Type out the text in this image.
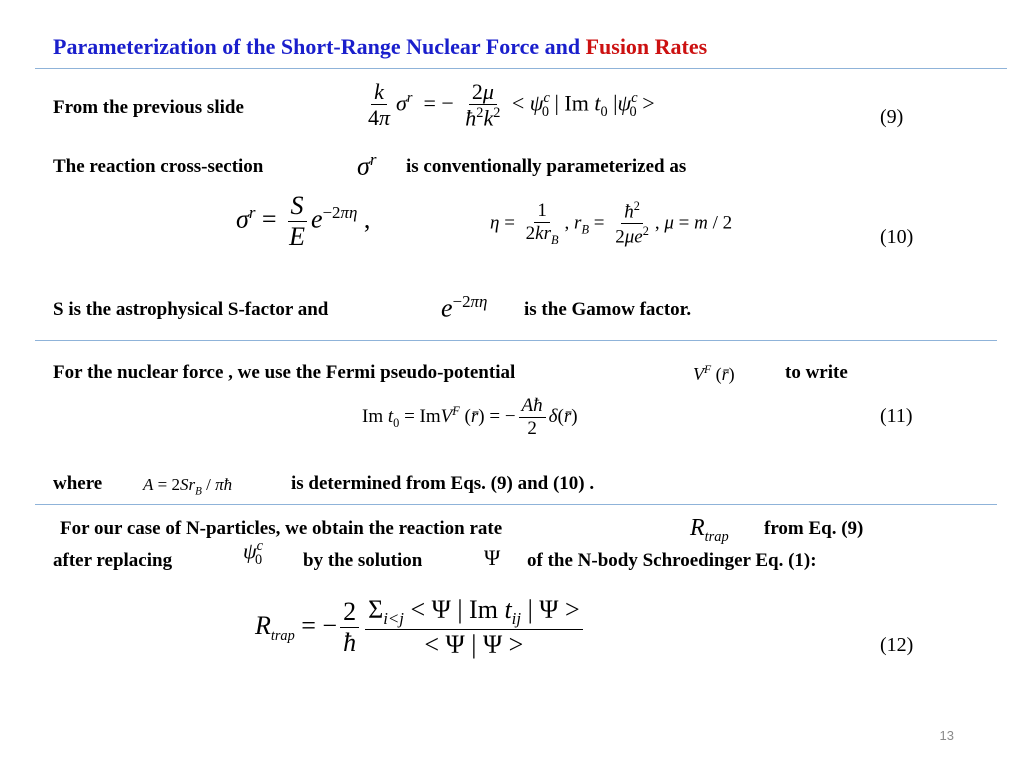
Parameterization of the Short-Range Nuclear Force and Fusion Rates
From the previous slide	$\frac{k}{4\pi} \sigma^r$  = − $\frac{2\mu}{ħ^2k^2} < \psi^c_0$ | Im $t_0$ $|\psi^c_0$ >
(9)
The reaction cross-section	$\sigma^r$ is conventionally parameterized as
$\sigma^r = \frac{S}{E} e^{-2\pi\eta}$ ,	$\eta = \frac{1}{2kr_B}$ , $r_B = \frac{ħ^2}{2\mu e^2}$ , μ = m / 2
(10)
S is the astrophysical S-factor and	$e^{-2\pi\eta}$ is the Gamow factor.
For the nuclear force , we use the Fermi pseudo-potential	$V^F$ (r̄)	to write
Im $t_0 = ImV^F$ (r̄) = − $\frac{Aħ}{2}$ δ(r̄)	(11)
where $A = 2Sr_B$ / πħ	is determined from Eqs. (9) and (10) .
For our case of N-particles, we obtain the reaction rate	$R_{trap}$ from Eq. (9)
after replacing	$\psi^c_0$ by the solution	Ψ of the N-body Schroedinger Eq. (1):
$R_{trap}$ = − $\frac{2}{ħ} \frac{\Sigma_{i<j} < \Psi | Im t_{ij} | \Psi >}{< \Psi | \Psi >}$	(12)
13
